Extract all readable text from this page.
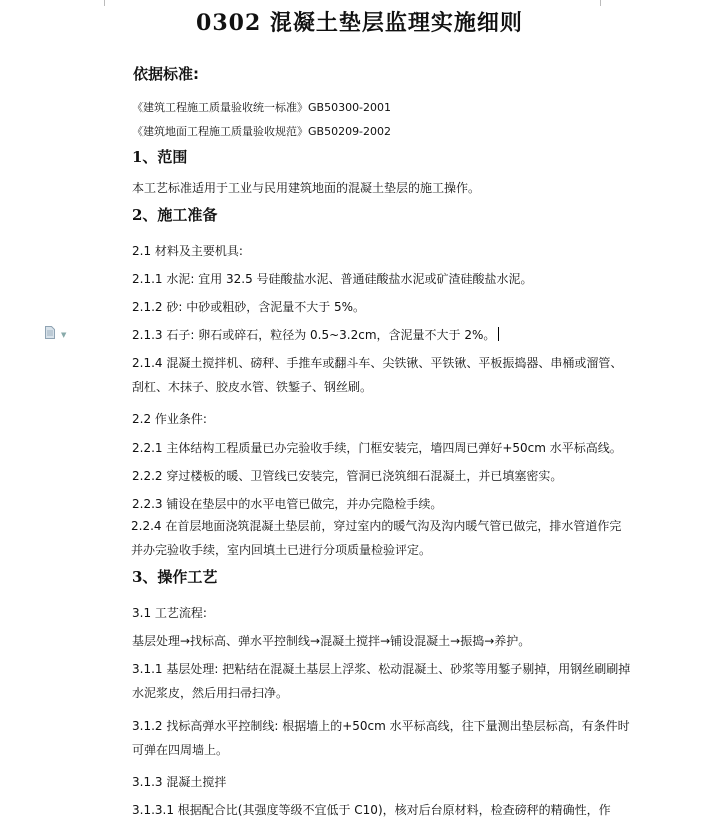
0302 混凝土垫层监理实施细则
依据标准:
《建筑工程施工质量验收统一标准》GB50300-2001
《建筑地面工程施工质量验收规范》GB50209-2002
1、范围
本工艺标准适用于工业与民用建筑地面的混凝土垫层的施工操作。
2、施工准备
2.1 材料及主要机具:
2.1.1 水泥: 宜用 32.5 号硅酸盐水泥、普通硅酸盐水泥或矿渣硅酸盐水泥。
2.1.2 砂: 中砂或粗砂，含泥量不大于 5%。
2.1.3 石子: 卵石或碎石，粒径为 0.5~3.2cm，含泥量不大于 2%。
▼
2.1.4 混凝土搅拌机、磅秤、手推车或翻斗车、尖铁锹、平铁锹、平板振捣器、串桶或溜管、刮杠、木抹子、胶皮水管、铁錾子、钢丝刷。
2.2 作业条件:
2.2.1 主体结构工程质量已办完验收手续，门框安装完，墙四周已弹好+50cm 水平标高线。
2.2.2 穿过楼板的暖、卫管线已安装完，管洞已浇筑细石混凝土，并已填塞密实。
2.2.3 铺设在垫层中的水平电管已做完，并办完隐检手续。
2.2.4 在首层地面浇筑混凝土垫层前，穿过室内的暖气沟及沟内暖气管已做完，排水管道作完并办完验收手续，室内回填土已进行分项质量检验评定。
3、操作工艺
3.1 工艺流程:
基层处理→找标高、弹水平控制线→混凝土搅拌→铺设混凝土→振捣→养护。
3.1.1 基层处理: 把粘结在混凝土基层上浮浆、松动混凝土、砂浆等用錾子剔掉，用钢丝刷刷掉水泥浆皮，然后用扫帚扫净。
3.1.2 找标高弹水平控制线: 根据墙上的+50cm 水平标高线，往下量测出垫层标高，有条件时可弹在四周墙上。
3.1.3 混凝土搅拌
3.1.3.1 根据配合比(其强度等级不宜低于 C10)，核对后台原材料，检查磅秤的精确性，作
